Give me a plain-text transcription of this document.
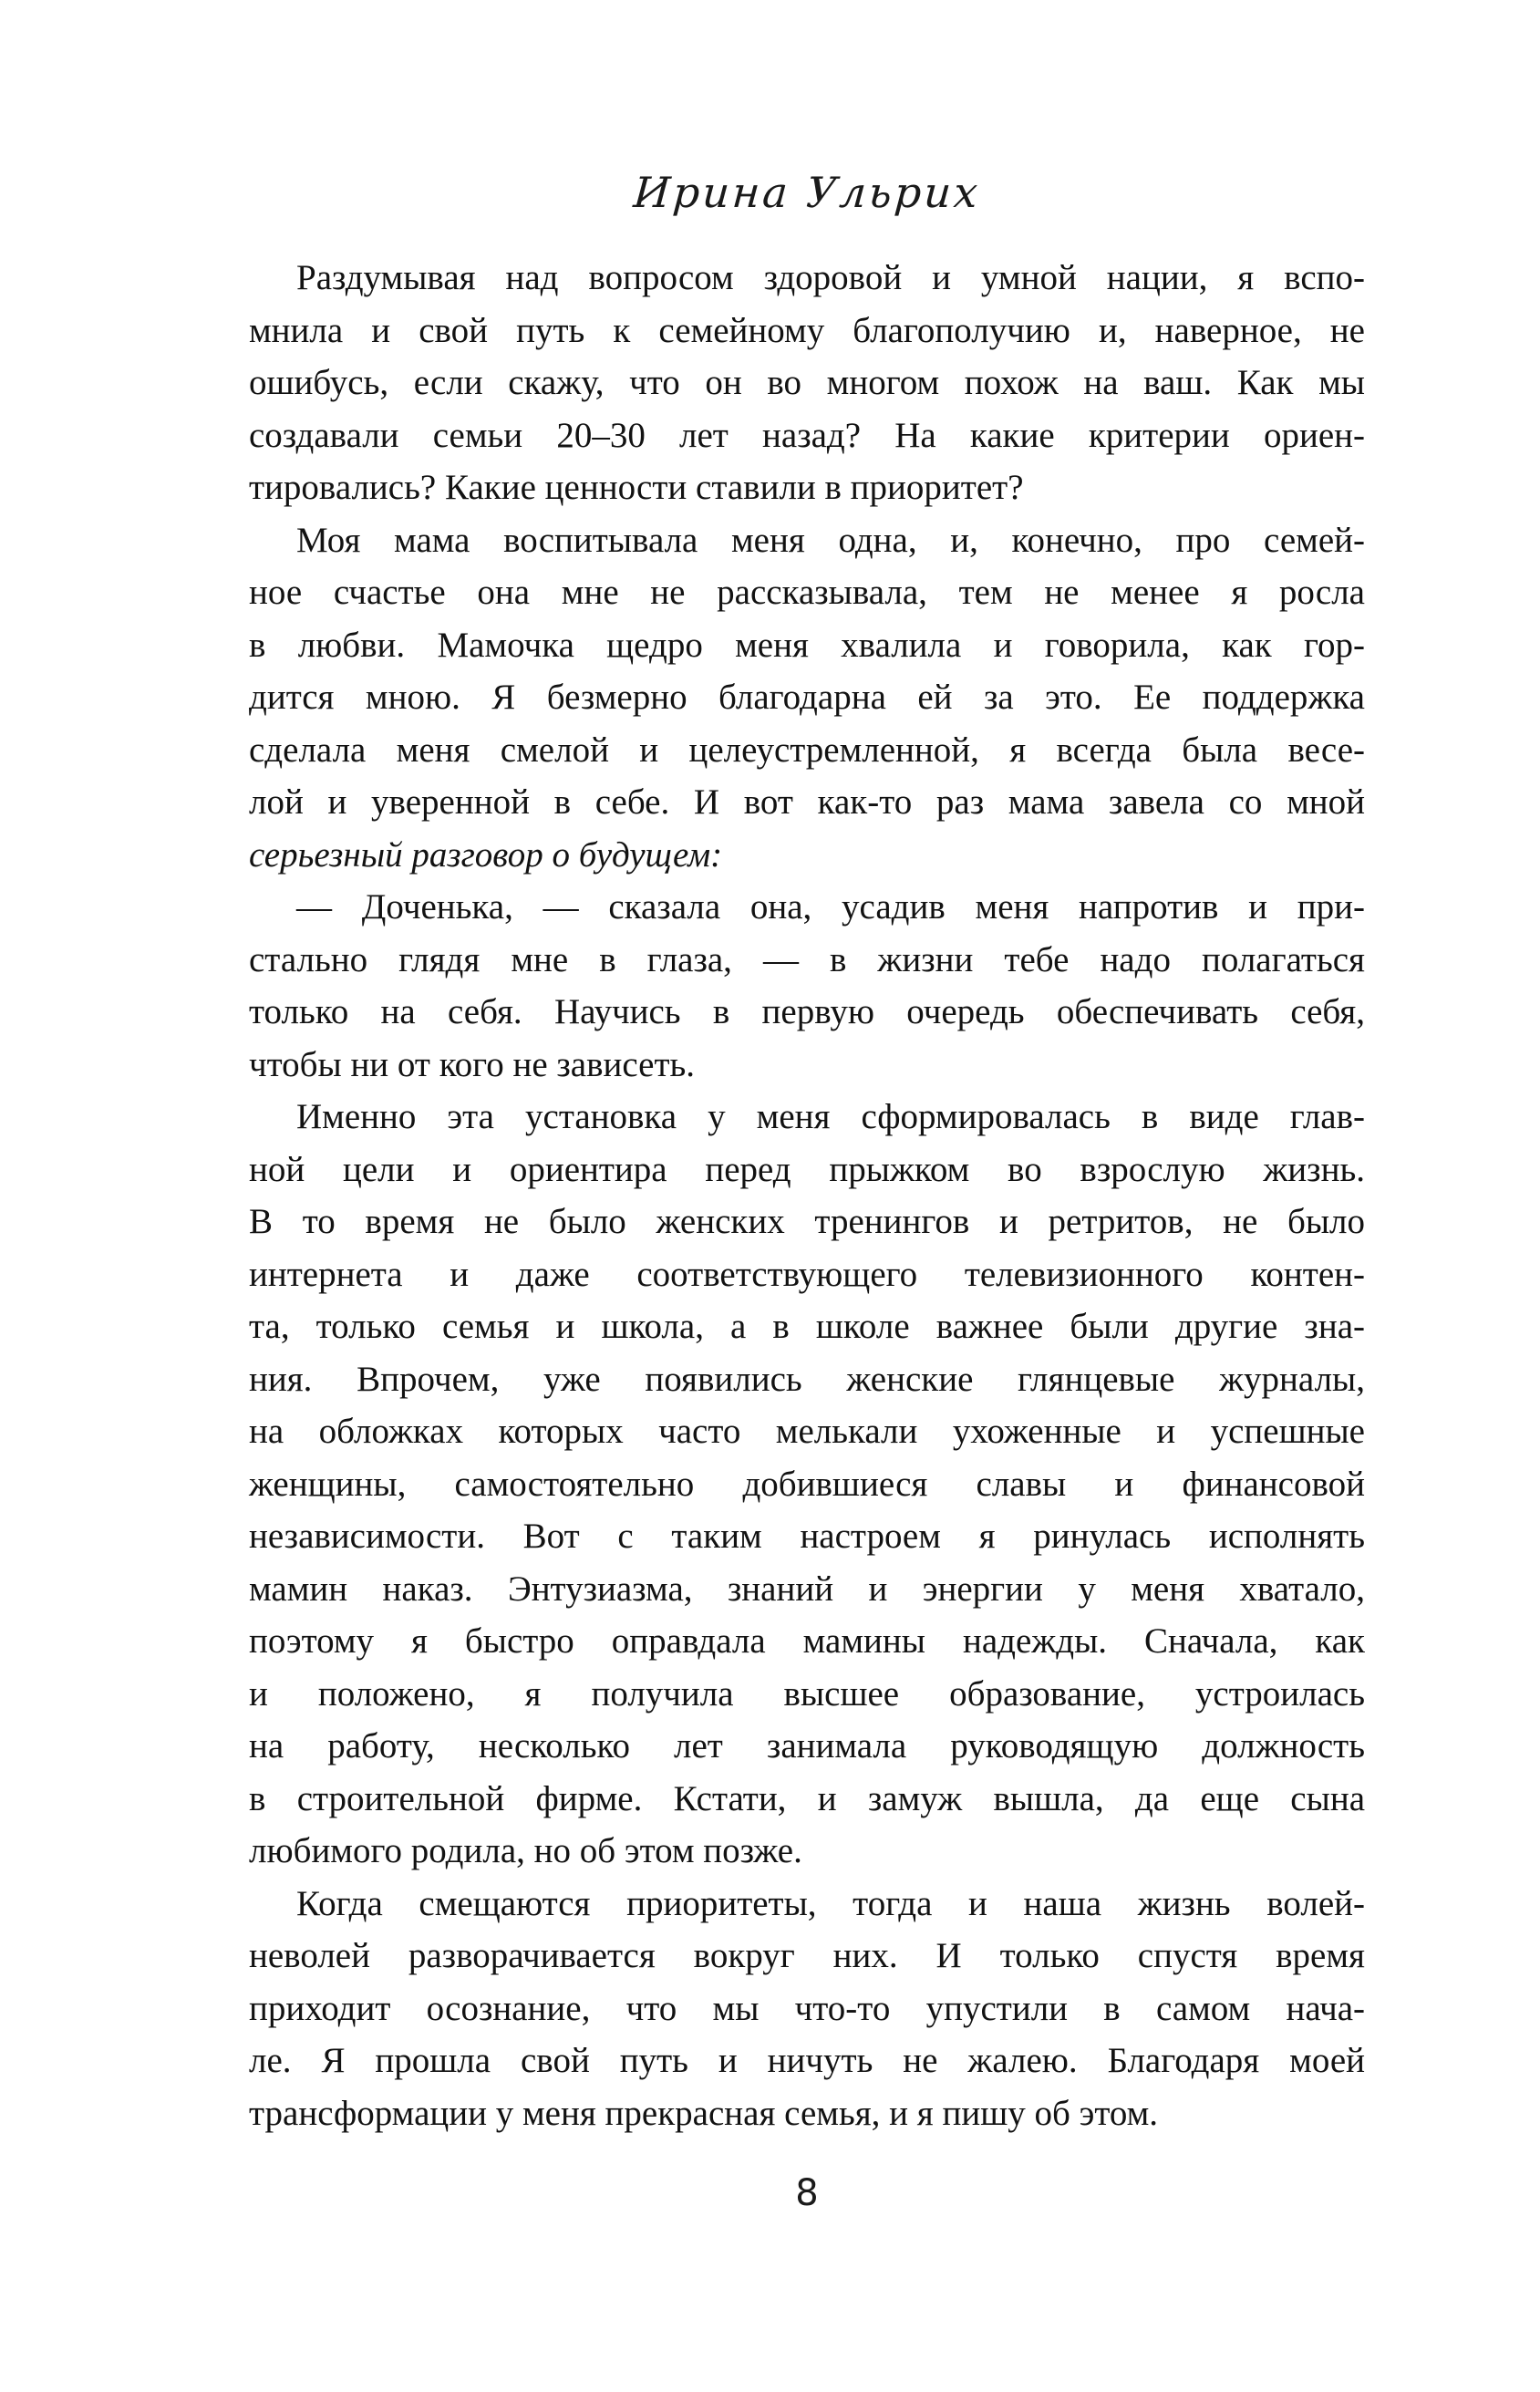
Ирина Ульрих

Раздумывая над вопросом здоровой и умной нации, я вспо-
мнила и свой путь к семейному благополучию и, наверное, не
ошибусь, если скажу, что он во многом похож на ваш. Как мы
создавали семьи 20–30 лет назад? На какие критерии ориен-
тировались? Какие ценности ставили в приоритет?

Моя мама воспитывала меня одна, и, конечно, про семей-
ное счастье она мне не рассказывала, тем не менее я росла
в любви. Мамочка щедро меня хвалила и говорила, как гор-
дится мною. Я безмерно благодарна ей за это. Ее поддержка
сделала меня смелой и целеустремленной, я всегда была весе-
лой и уверенной в себе. И вот как-то раз мама завела со мной
серьезный разговор о будущем:

— Доченька, — сказала она, усадив меня напротив и при-
стально глядя мне в глаза, — в жизни тебе надо полагаться
только на себя. Научись в первую очередь обеспечивать себя,
чтобы ни от кого не зависеть.

Именно эта установка у меня сформировалась в виде глав-
ной цели и ориентира перед прыжком во взрослую жизнь.
В то время не было женских тренингов и ретритов, не было
интернета и даже соответствующего телевизионного контен-
та, только семья и школа, а в школе важнее были другие зна-
ния. Впрочем, уже появились женские глянцевые журналы,
на обложках которых часто мелькали ухоженные и успешные
женщины, самостоятельно добившиеся славы и финансовой
независимости. Вот с таким настроем я ринулась исполнять
мамин наказ. Энтузиазма, знаний и энергии у меня хватало,
поэтому я быстро оправдала мамины надежды. Сначала, как
и положено, я получила высшее образование, устроилась
на работу, несколько лет занимала руководящую должность
в строительной фирме. Кстати, и замуж вышла, да еще сына
любимого родила, но об этом позже.

Когда смещаются приоритеты, тогда и наша жизнь волей-
неволей разворачивается вокруг них. И только спустя время
приходит осознание, что мы что-то упустили в самом нача-
ле. Я прошла свой путь и ничуть не жалею. Благодаря моей
трансформации у меня прекрасная семья, и я пишу об этом.

8
